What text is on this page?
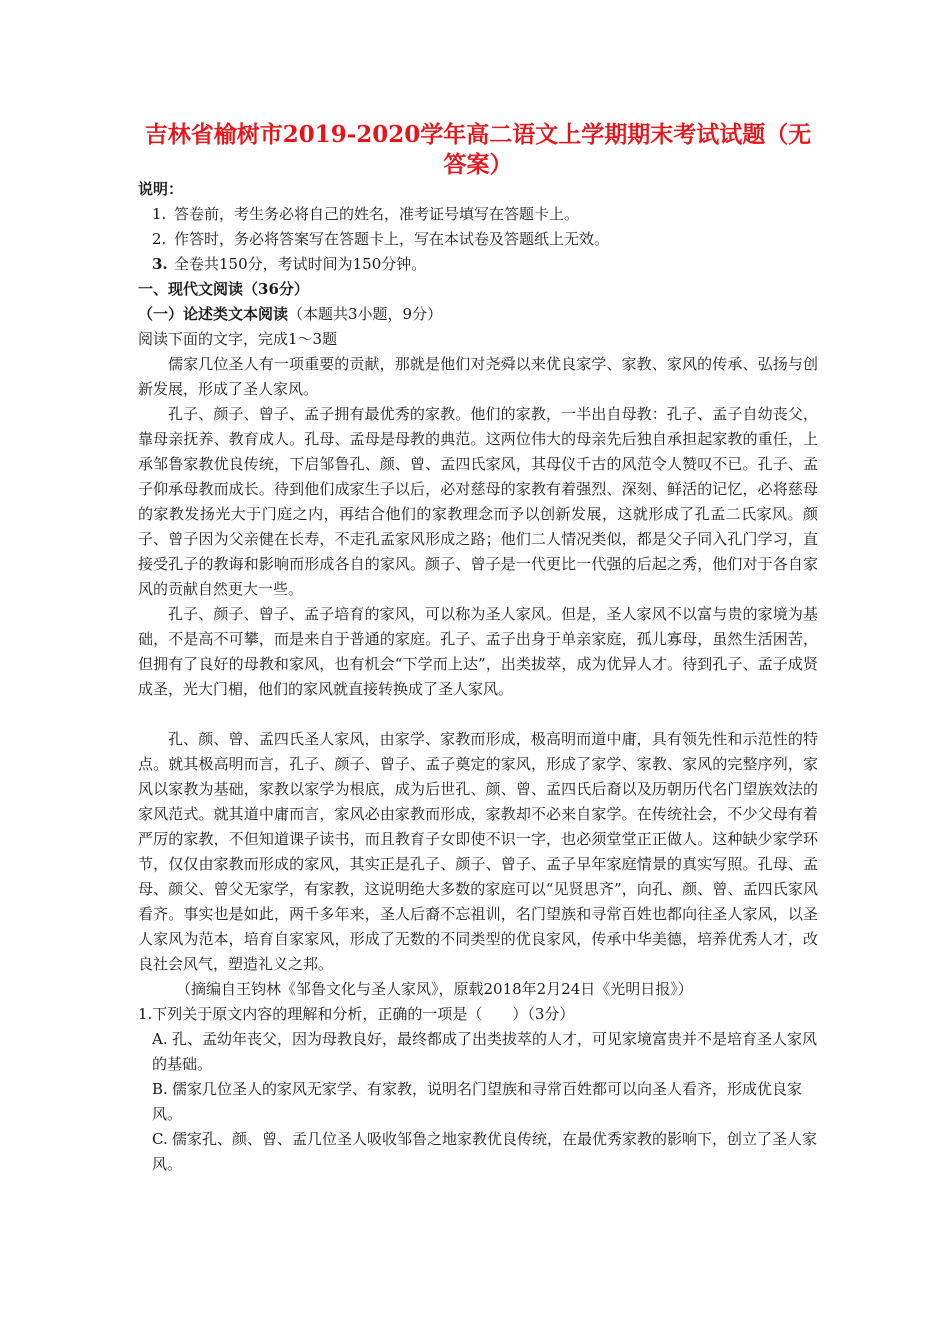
吉林省榆树市2019-2020学年高二语文上学期期末考试试题（无答案）

说明：

1. 答卷前，考生务必将自己的姓名，准考证号填写在答题卡上。

2. 作答时，务必将答案写在答题卡上，写在本试卷及答题纸上无效。

3. 全卷共150分，考试时间为150分钟。

一、现代文阅读（36分）

（一）论述类文本阅读（本题共3小题，9分）

阅读下面的文字，完成1～3题

儒家几位圣人有一项重要的贡献，那就是他们对尧舜以来优良家学、家教、家风的传承、弘扬与创新发展，形成了圣人家风。

孔子、颜子、曾子、孟子拥有最优秀的家教。他们的家教，一半出自母教：孔子、孟子自幼丧父，靠母亲抚养、教育成人。孔母、孟母是母教的典范。这两位伟大的母亲先后独自承担起家教的重任，上承邹鲁家教优良传统，下启邹鲁孔、颜、曾、孟四氏家风，其母仪千古的风范令人赞叹不已。孔子、孟子仰承母教而成长。待到他们成家生子以后，必对慈母的家教有着强烈、深刻、鲜活的记忆，必将慈母的家教发扬光大于门庭之内，再结合他们的家教理念而予以创新发展，这就形成了孔孟二氏家风。颜子、曾子因为父亲健在长寿，不走孔孟家风形成之路；他们二人情况类似，都是父子同入孔门学习，直接受孔子的教诲和影响而形成各自的家风。颜子、曾子是一代更比一代强的后起之秀，他们对于各自家风的贡献自然更大一些。

孔子、颜子、曾子、孟子培育的家风，可以称为圣人家风。但是，圣人家风不以富与贵的家境为基础，不是高不可攀，而是来自于普通的家庭。孔子、孟子出身于单亲家庭，孤儿寡母，虽然生活困苦，但拥有了良好的母教和家风，也有机会“下学而上达”，出类拔萃，成为优异人才。待到孔子、孟子成贤成圣，光大门楣，他们的家风就直接转换成了圣人家风。

孔、颜、曾、孟四氏圣人家风，由家学、家教而形成，极高明而道中庸，具有领先性和示范性的特点。就其极高明而言，孔子、颜子、曾子、孟子奠定的家风，形成了家学、家教、家风的完整序列，家风以家教为基础，家教以家学为根底，成为后世孔、颜、曾、孟四氏后裔以及历朝历代名门望族效法的家风范式。就其道中庸而言，家风必由家教而形成，家教却不必来自家学。在传统社会，不少父母有着严厉的家教，不但知道课子读书，而且教育子女即使不识一字，也必须堂堂正正做人。这种缺少家学环节，仅仅由家教而形成的家风，其实正是孔子、颜子、曾子、孟子早年家庭情景的真实写照。孔母、孟母、颜父、曾父无家学，有家教，这说明绝大多数的家庭可以“见贤思齐”，向孔、颜、曾、孟四氏家风看齐。事实也是如此，两千多年来，圣人后裔不忘祖训，名门望族和寻常百姓也都向往圣人家风，以圣人家风为范本，培育自家家风，形成了无数的不同类型的优良家风，传承中华美德，培养优秀人才，改良社会风气，塑造礼义之邦。

（摘编自王钧林《邹鲁文化与圣人家风》，原载2018年2月24日《光明日报》）

1.下列关于原文内容的理解和分析，正确的一项是（　　）（3分）

A. 孔、孟幼年丧父，因为母教良好，最终都成了出类拔萃的人才，可见家境富贵并不是培育圣人家风的基础。

B. 儒家几位圣人的家风无家学、有家教，说明名门望族和寻常百姓都可以向圣人看齐，形成优良家风。

C. 儒家孔、颜、曾、孟几位圣人吸收邹鲁之地家教优良传统，在最优秀家教的影响下，创立了圣人家风。
